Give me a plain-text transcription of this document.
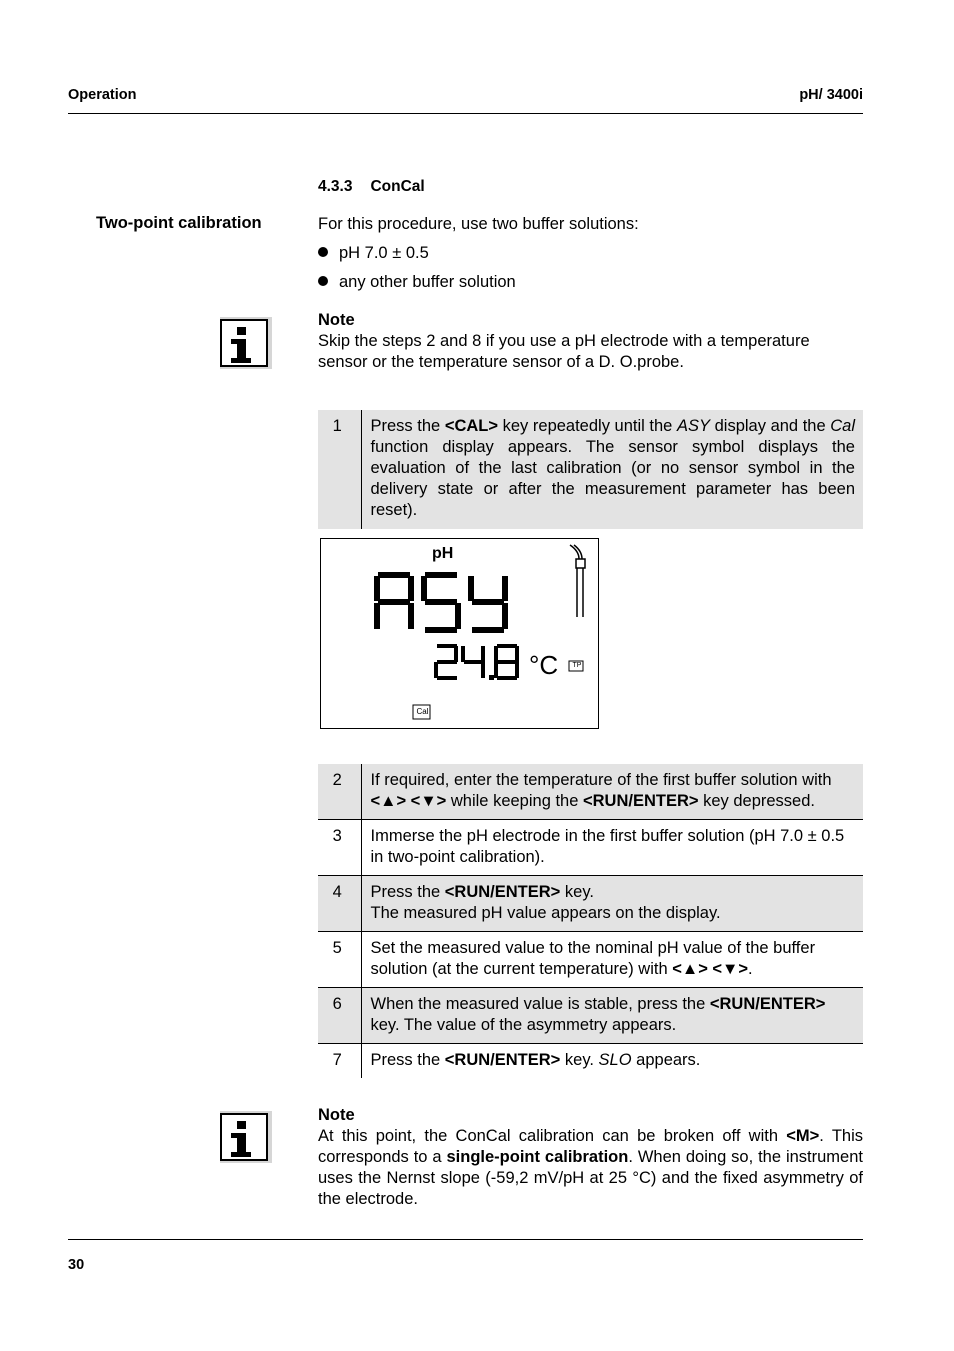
Operation	pH/ 3400i
4.3.3 ConCal
Two-point calibration	For this procedure, use two buffer solutions:
pH 7.0 ± 0.5
any other buffer solution
Note
Skip the steps 2 and 8 if you use a pH electrode with a temperature sensor or the temperature sensor of a D. O.probe.
1	Press the <CAL> key repeatedly until the ASY display and the Cal function display appears. The sensor symbol displays the evaluation of the last calibration (or no sensor symbol in the delivery state or after the measurement parameter has been reset).
pH
°C	TP
Cal
2	If required, enter the temperature of the first buffer solution with <▲> <▼> while keeping the <RUN/ENTER> key depressed.
3	Immerse the pH electrode in the first buffer solution (pH 7.0 ± 0.5 in two-point calibration).
4	Press the <RUN/ENTER> key.
The measured pH value appears on the display.
5	Set the measured value to the nominal pH value of the buffer solution (at the current temperature) with <▲> <▼>.
6	When the measured value is stable, press the <RUN/ENTER> key. The value of the asymmetry appears.
7	Press the <RUN/ENTER> key. SLO appears.
Note
At this point, the ConCal calibration can be broken off with <M>. This corresponds to a single-point calibration. When doing so, the instrument uses the Nernst slope (-59,2 mV/pH at 25 °C) and the fixed asymmetry of the electrode.
30
